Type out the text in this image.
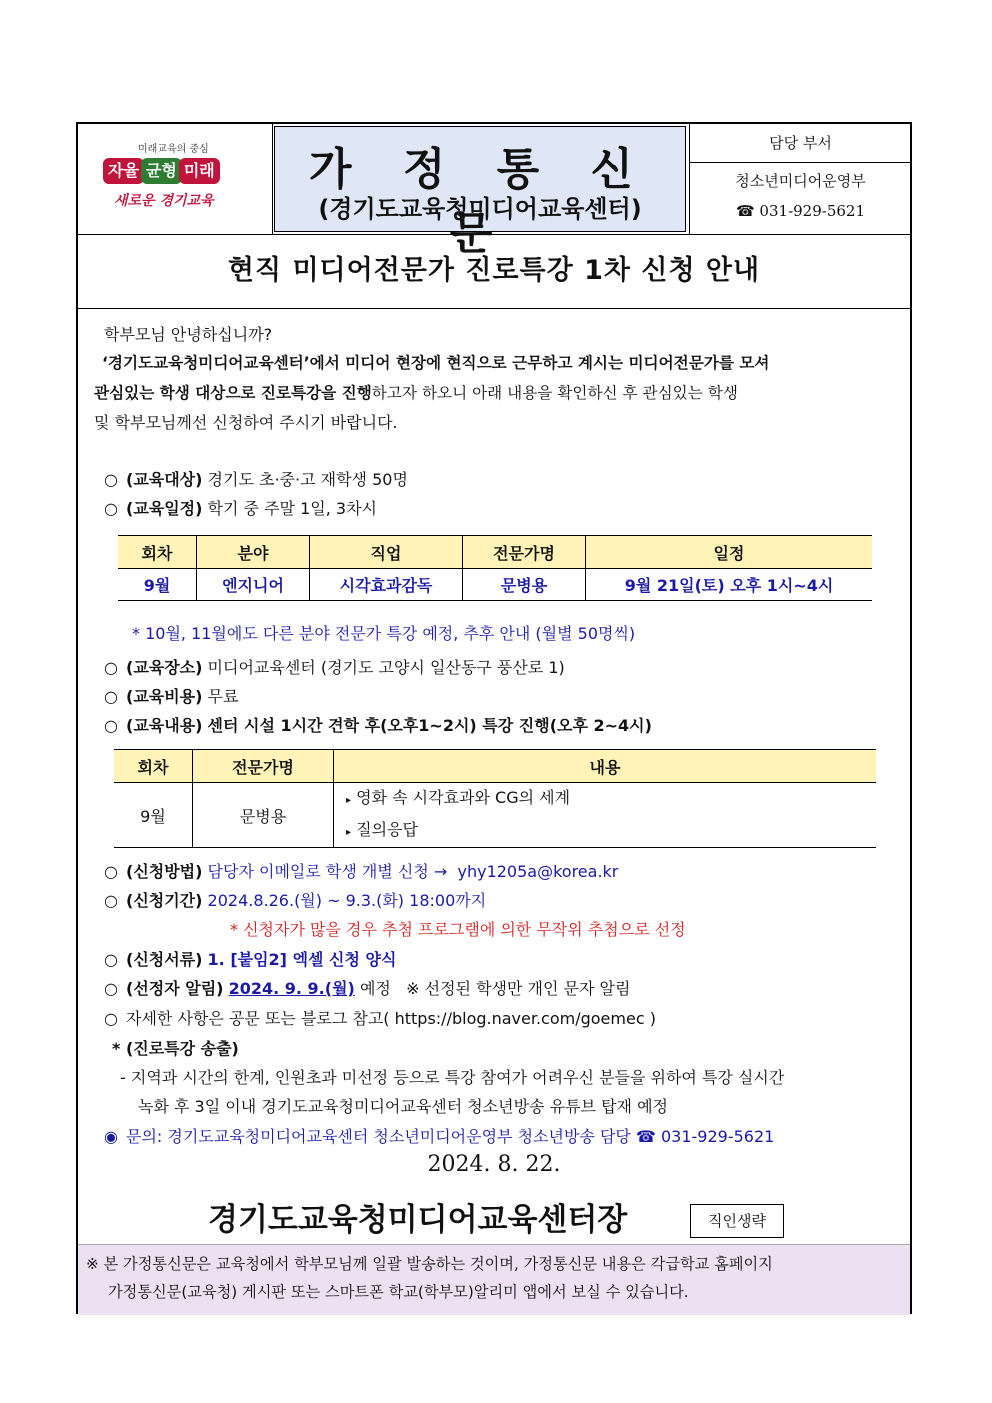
미래교육의 중심
자율 균형 미래
새로운 경기교육
가 정 통 신 문
(경기도교육청미디어교육센터)
담당 부서
청소년미디어운영부
☎ 031-929-5621
현직 미디어전문가 진로특강 1차 신청 안내
학부모님 안녕하십니까?
‘경기도교육청미디어교육센터’에서 미디어 현장에 현직으로 근무하고 계시는 미디어전문가를 모셔
관심있는 학생 대상으로 진로특강을 진행하고자 하오니 아래 내용을 확인하신 후 관심있는 학생
및 학부모님께선 신청하여 주시기 바랍니다.
○ (교육대상) 경기도 초·중·고 재학생 50명
○ (교육일정) 학기 중 주말 1일, 3차시
회차	분야	직업	전문가명	일정
9월	엔지니어	시각효과감독	문병용	9월 21일(토) 오후 1시~4시
* 10월, 11월에도 다른 분야 전문가 특강 예정, 추후 안내 (월별 50명씩)
○ (교육장소) 미디어교육센터 (경기도 고양시 일산동구 풍산로 1)
○ (교육비용) 무료
○ (교육내용) 센터 시설 1시간 견학 후(오후1~2시) 특강 진행(오후 2~4시)
회차	전문가명	내용
9월	문병용	▸ 영화 속 시각효과와 CG의 세계
▸ 질의응답
○ (신청방법) 담당자 이메일로 학생 개별 신청 → yhy1205a@korea.kr
○ (신청기간) 2024.8.26.(월) ~ 9.3.(화) 18:00까지
* 신청자가 많을 경우 추첨 프로그램에 의한 무작위 추첨으로 선정
○ (신청서류) 1. [붙임2] 엑셀 신청 양식
○ (선정자 알림) 2024. 9. 9.(월) 예정 ※ 선정된 학생만 개인 문자 알림
○ 자세한 사항은 공문 또는 블로그 참고( https://blog.naver.com/goemec )
* (진로특강 송출)
- 지역과 시간의 한계, 인원초과 미선정 등으로 특강 참여가 어려우신 분들을 위하여 특강 실시간
녹화 후 3일 이내 경기도교육청미디어교육센터 청소년방송 유튜브 탑재 예정
◉ 문의: 경기도교육청미디어교육센터 청소년미디어운영부 청소년방송 담당 ☎ 031-929-5621
2024. 8. 22.
경기도교육청미디어교육센터장	직인생략
※ 본 가정통신문은 교육청에서 학부모님께 일괄 발송하는 것이며, 가정통신문 내용은 각급학교 홈페이지
가정통신문(교육청) 게시판 또는 스마트폰 학교(학부모)알리미 앱에서 보실 수 있습니다.
